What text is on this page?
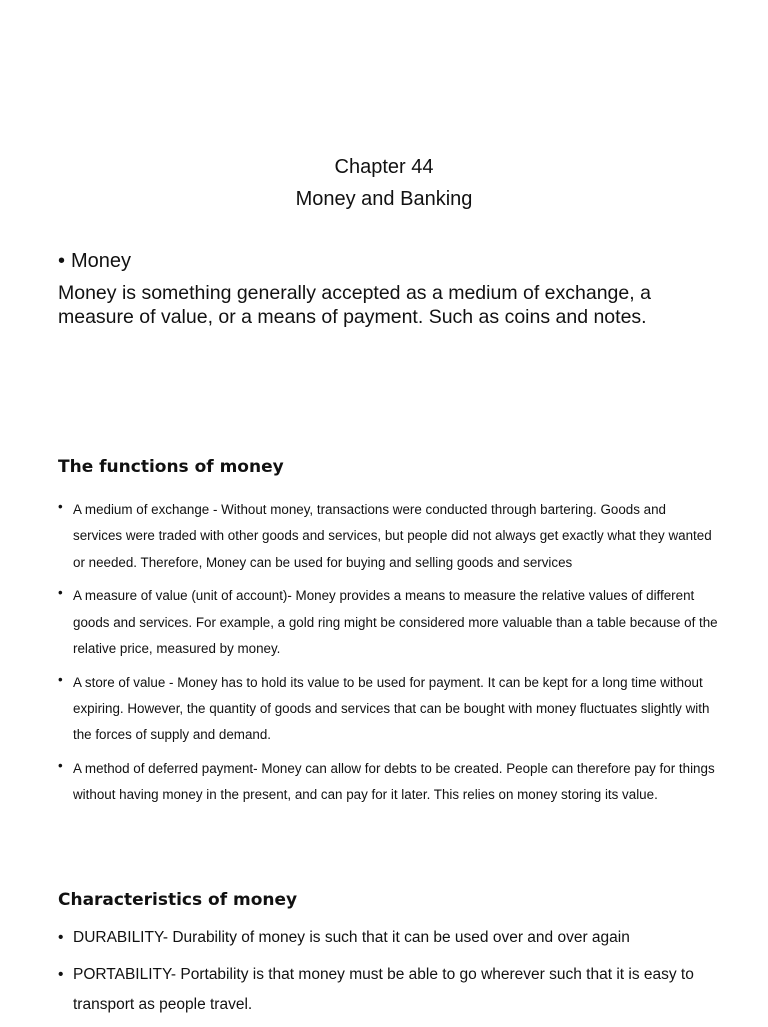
Chapter 44
Money and Banking
• Money
Money is something generally accepted as a medium of exchange, a measure of value, or a means of payment. Such as coins and notes.
The functions of money
• A medium of exchange - Without money, transactions were conducted through bartering. Goods and services were traded with other goods and services, but people did not always get exactly what they wanted or needed. Therefore, Money can be used for buying and selling goods and services
• A measure of value (unit of account)- Money provides a means to measure the relative values of different goods and services. For example, a gold ring might be considered more valuable than a table because of the relative price, measured by money.
• A store of value - Money has to hold its value to be used for payment. It can be kept for a long time without expiring. However, the quantity of goods and services that can be bought with money fluctuates slightly with the forces of supply and demand.
• A method of deferred payment- Money can allow for debts to be created. People can therefore pay for things without having money in the present, and can pay for it later. This relies on money storing its value.
Characteristics of money
• DURABILITY- Durability of money is such that it can be used over and over again
• PORTABILITY- Portability is that money must be able to go wherever such that it is easy to transport as people travel.
